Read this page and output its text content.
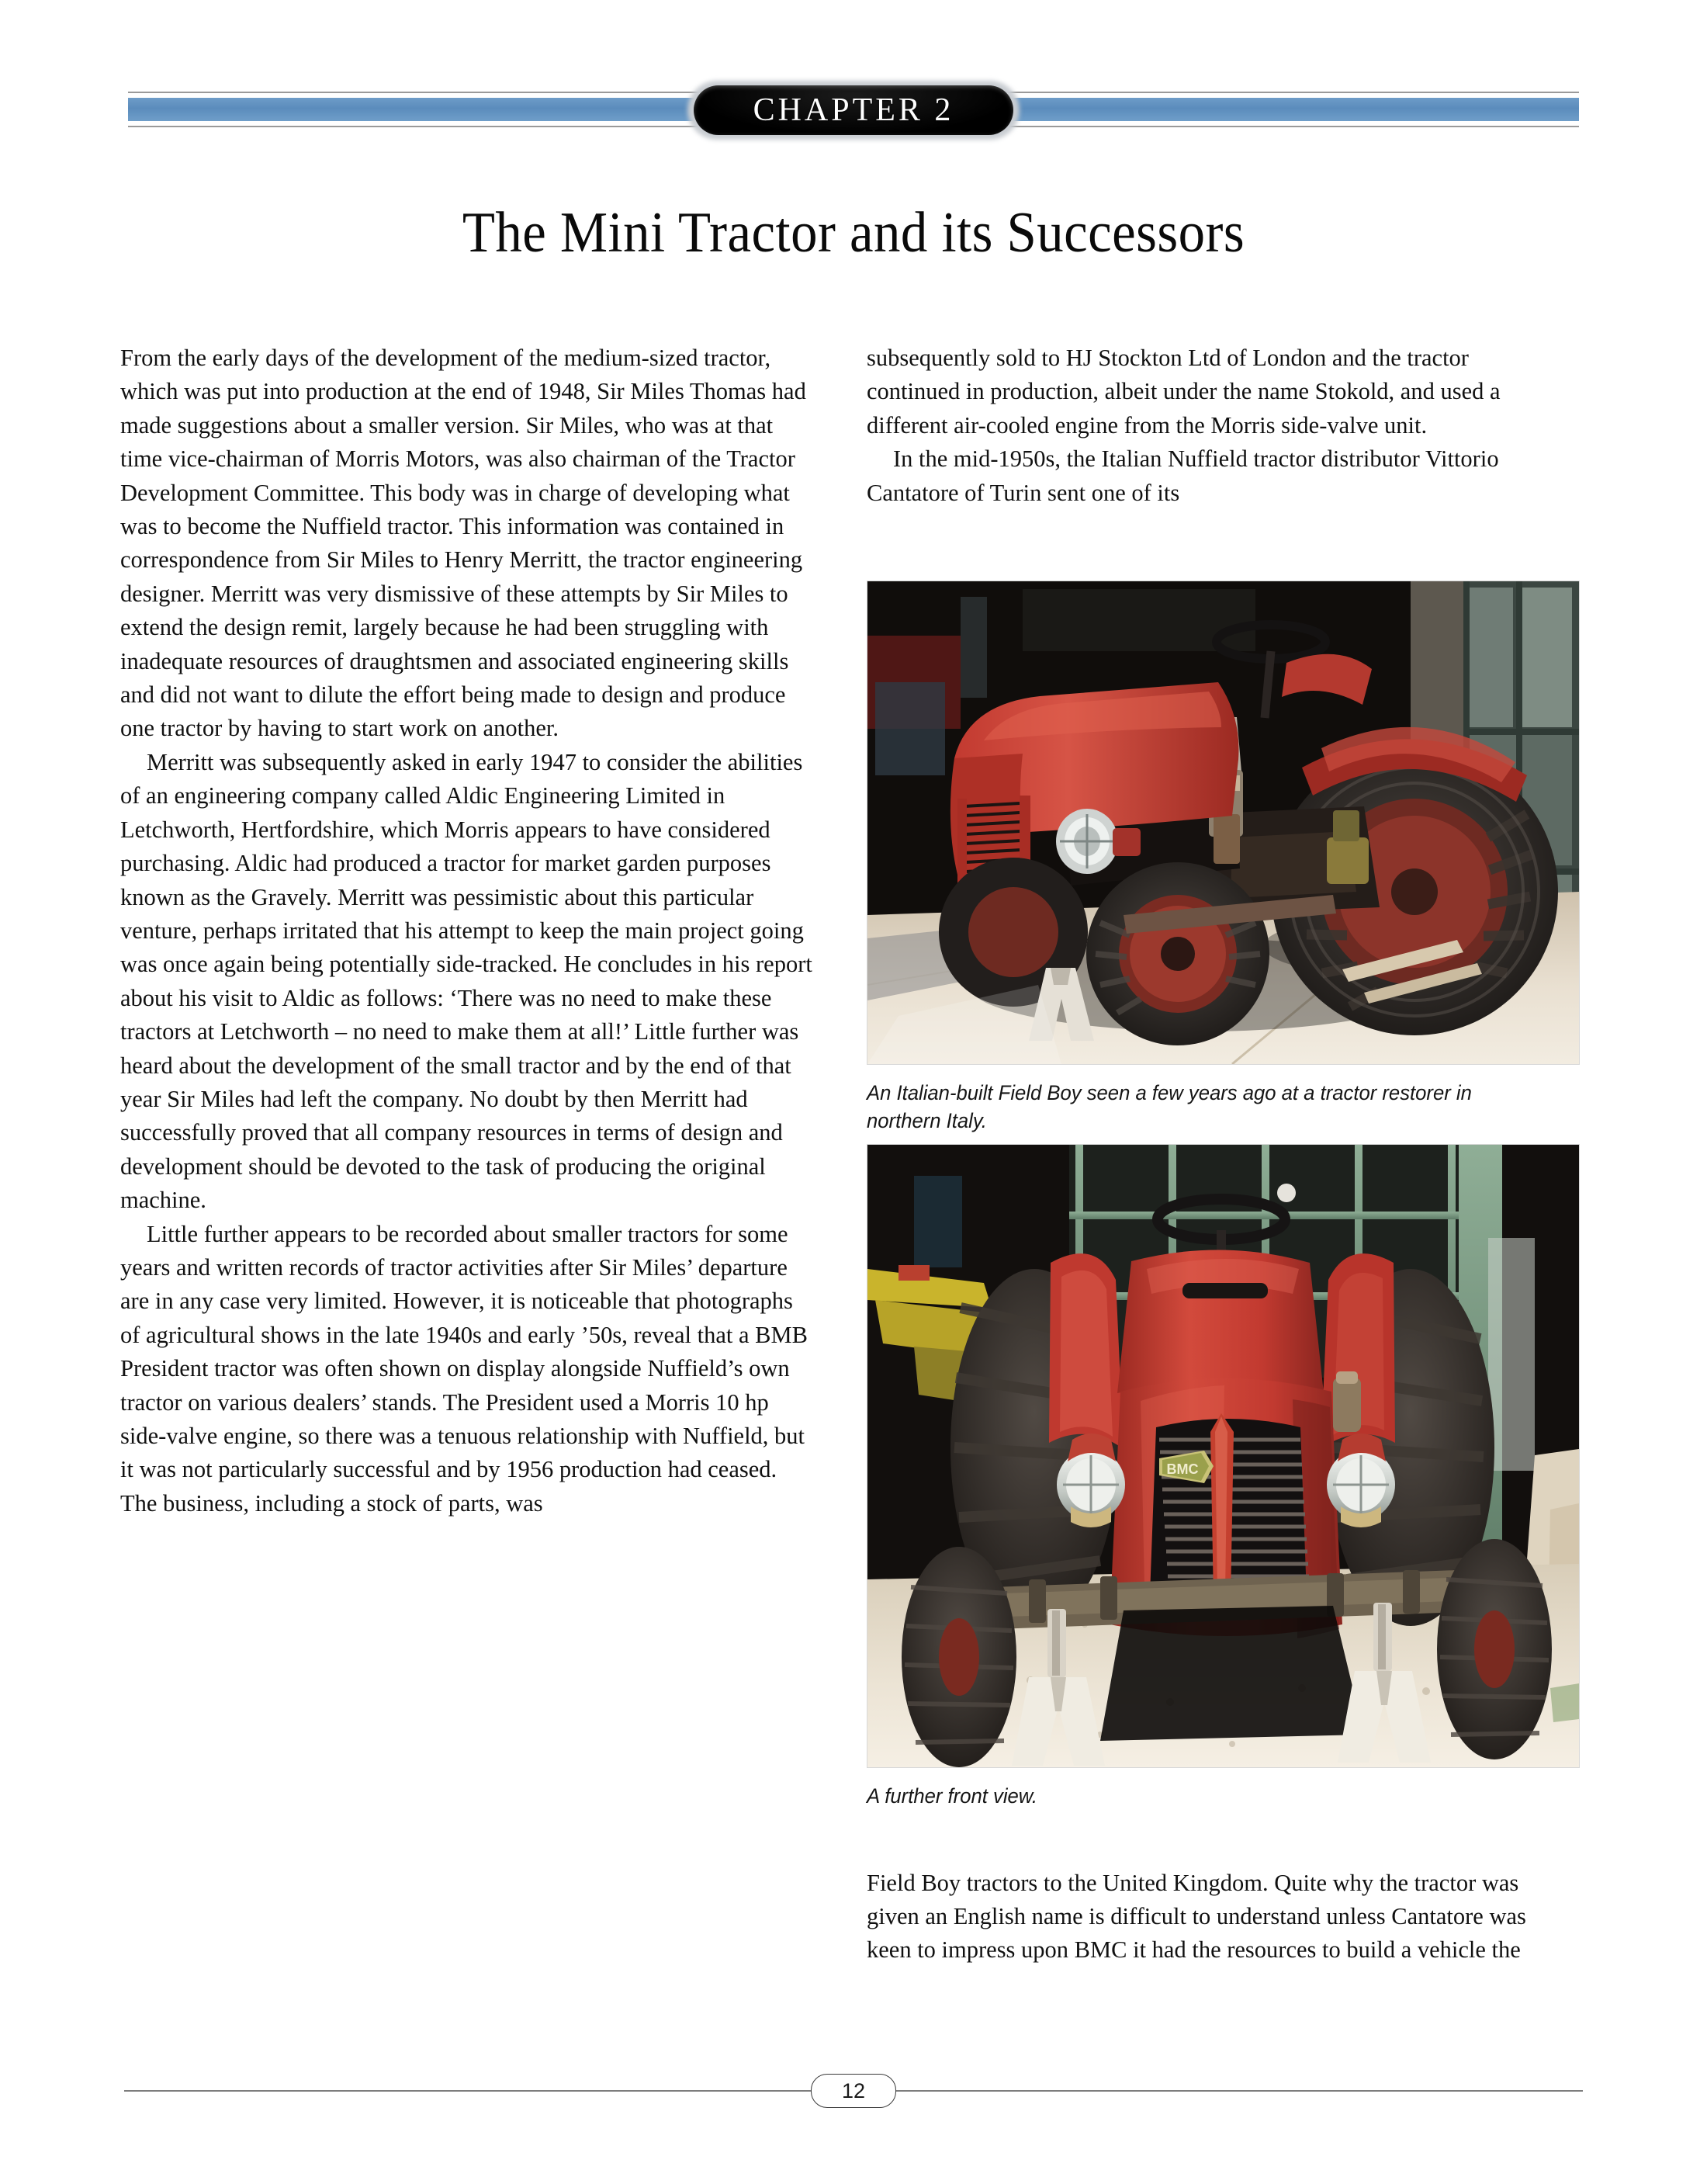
CHAPTER 2
The Mini Tractor and its Successors

From the early days of the development of the medium-sized tractor, which was put into production at the end of 1948, Sir Miles Thomas had made suggestions about a smaller version. Sir Miles, who was at that time vice-chairman of Morris Motors, was also chairman of the Tractor Development Committee. This body was in charge of developing what was to become the Nuffield tractor. This information was contained in correspondence from Sir Miles to Henry Merritt, the tractor engineering designer. Merritt was very dismissive of these attempts by Sir Miles to extend the design remit, largely because he had been struggling with inadequate resources of draughtsmen and associated engineering skills and did not want to dilute the effort being made to design and produce one tractor by having to start work on another.

Merritt was subsequently asked in early 1947 to consider the abilities of an engineering company called Aldic Engineering Limited in Letchworth, Hertfordshire, which Morris appears to have considered purchasing. Aldic had produced a tractor for market garden purposes known as the Gravely. Merritt was pessimistic about this particular venture, perhaps irritated that his attempt to keep the main project going was once again being potentially side-tracked. He concludes in his report about his visit to Aldic as follows: ‘There was no need to make these tractors at Letchworth – no need to make them at all!’ Little further was heard about the development of the small tractor and by the end of that year Sir Miles had left the company. No doubt by then Merritt had successfully proved that all company resources in terms of design and development should be devoted to the task of producing the original machine.

Little further appears to be recorded about smaller tractors for some years and written records of tractor activities after Sir Miles’ departure are in any case very limited. However, it is noticeable that photographs of agricultural shows in the late 1940s and early ’50s, reveal that a BMB President tractor was often shown on display alongside Nuffield’s own tractor on various dealers’ stands. The President used a Morris 10 hp side-valve engine, so there was a tenuous relationship with Nuffield, but it was not particularly successful and by 1956 production had ceased. The business, including a stock of parts, was

subsequently sold to HJ Stockton Ltd of London and the tractor continued in production, albeit under the name Stokold, and used a different air-cooled engine from the Morris side-valve unit.

In the mid-1950s, the Italian Nuffield tractor distributor Vittorio Cantatore of Turin sent one of its

An Italian-built Field Boy seen a few years ago at a tractor restorer in northern Italy.
BMC
A further front view.

Field Boy tractors to the United Kingdom. Quite why the tractor was given an English name is difficult to understand unless Cantatore was keen to impress upon BMC it had the resources to build a vehicle the

12
